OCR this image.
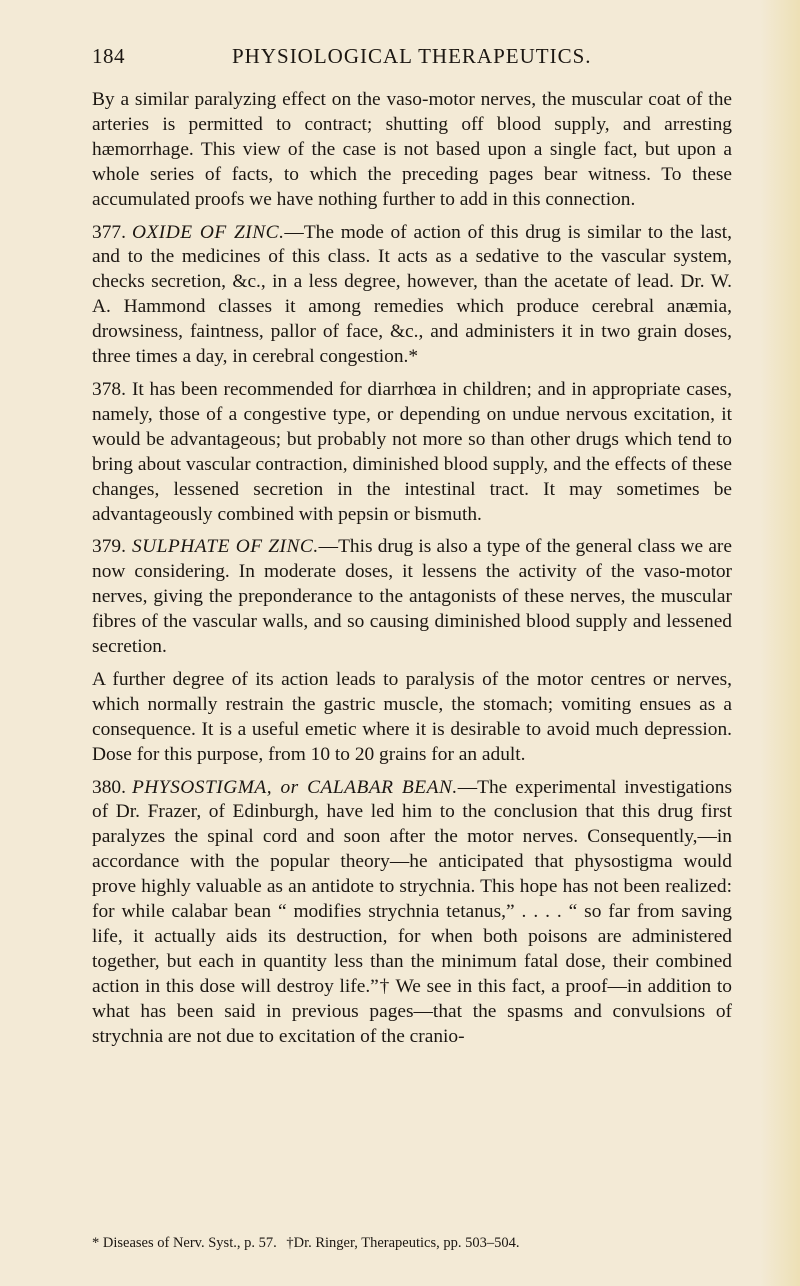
184	PHYSIOLOGICAL THERAPEUTICS.

By a similar paralyzing effect on the vaso-motor nerves, the muscular coat of the arteries is permitted to contract; shutting off blood supply, and arresting hæmorrhage. This view of the case is not based upon a single fact, but upon a whole series of facts, to which the preceding pages bear witness. To these accumulated proofs we have nothing further to add in this connection.

377. OXIDE OF ZINC.—The mode of action of this drug is similar to the last, and to the medicines of this class. It acts as a sedative to the vascular system, checks secretion, &c., in a less degree, however, than the acetate of lead. Dr. W. A. Hammond classes it among remedies which produce cerebral anæmia, drowsiness, faintness, pallor of face, &c., and administers it in two grain doses, three times a day, in cerebral congestion.*

378. It has been recommended for diarrhœa in children; and in appropriate cases, namely, those of a congestive type, or depending on undue nervous excitation, it would be advantageous; but probably not more so than other drugs which tend to bring about vascular contraction, diminished blood supply, and the effects of these changes, lessened secretion in the intestinal tract. It may sometimes be advantageously combined with pepsin or bismuth.

379. SULPHATE OF ZINC.—This drug is also a type of the general class we are now considering. In moderate doses, it lessens the activity of the vaso-motor nerves, giving the preponderance to the antagonists of these nerves, the muscular fibres of the vascular walls, and so causing diminished blood supply and lessened secretion.

A further degree of its action leads to paralysis of the motor centres or nerves, which normally restrain the gastric muscle, the stomach; vomiting ensues as a consequence. It is a useful emetic where it is desirable to avoid much depression. Dose for this purpose, from 10 to 20 grains for an adult.

380. PHYSOSTIGMA, or CALABAR BEAN.—The experimental investigations of Dr. Frazer, of Edinburgh, have led him to the conclusion that this drug first paralyzes the spinal cord and soon after the motor nerves. Consequently,—in accordance with the popular theory—he anticipated that physostigma would prove highly valuable as an antidote to strychnia. This hope has not been realized: for while calabar bean “ modifies strychnia tetanus,” . . . . “ so far from saving life, it actually aids its destruction, for when both poisons are administered together, but each in quantity less than the minimum fatal dose, their combined action in this dose will destroy life.”† We see in this fact, a proof—in addition to what has been said in previous pages—that the spasms and convulsions of strychnia are not due to excitation of the cranio-

* Diseases of Nerv. Syst., p. 57. †Dr. Ringer, Therapeutics, pp. 503–504.
